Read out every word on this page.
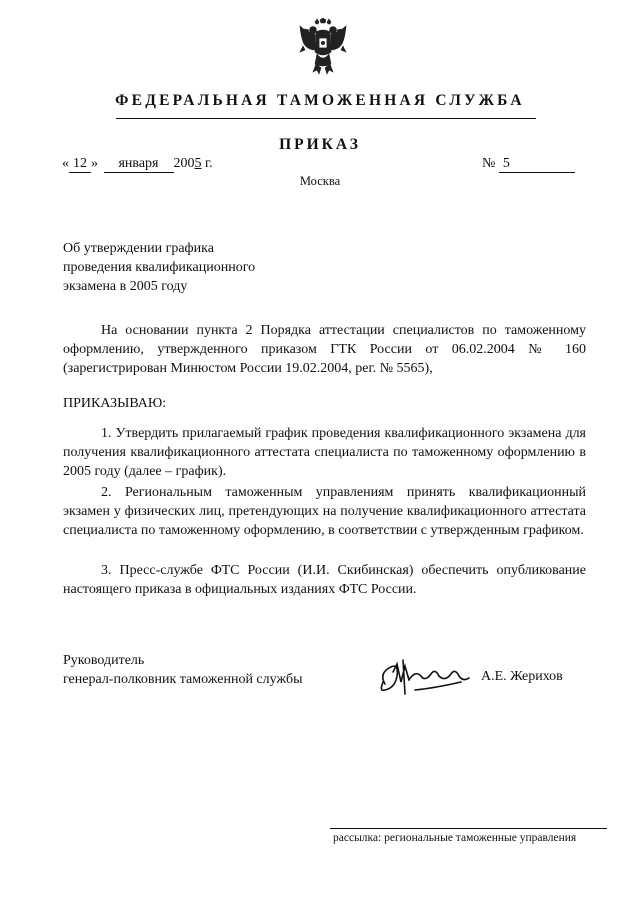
ФЕДЕРАЛЬНАЯ ТАМОЖЕННАЯ СЛУЖБА
ПРИКАЗ
« 12 » января 2005 г.	№ 5
Москва
Об утверждении графика
проведения квалификационного
экзамена в 2005 году
На основании пункта 2 Порядка аттестации специалистов по таможенному оформлению, утвержденного приказом ГТК России от 06.02.2004 № 160 (зарегистрирован Минюстом России 19.02.2004, рег. № 5565),
ПРИКАЗЫВАЮ:
1. Утвердить прилагаемый график проведения квалификационного экзамена для получения квалификационного аттестата специалиста по таможенному оформлению в 2005 году (далее – график).
2. Региональным таможенным управлениям принять квалификационный экзамен у физических лиц, претендующих на получение квалификационного аттестата специалиста по таможенному оформлению, в соответствии с утвержденным графиком.
3. Пресс-службе ФТС России (И.И. Скибинская) обеспечить опубликование настоящего приказа в официальных изданиях ФТС России.
Руководитель
генерал-полковник таможенной службы	А.Е. Жерихов
рассылка: региональные таможенные управления
